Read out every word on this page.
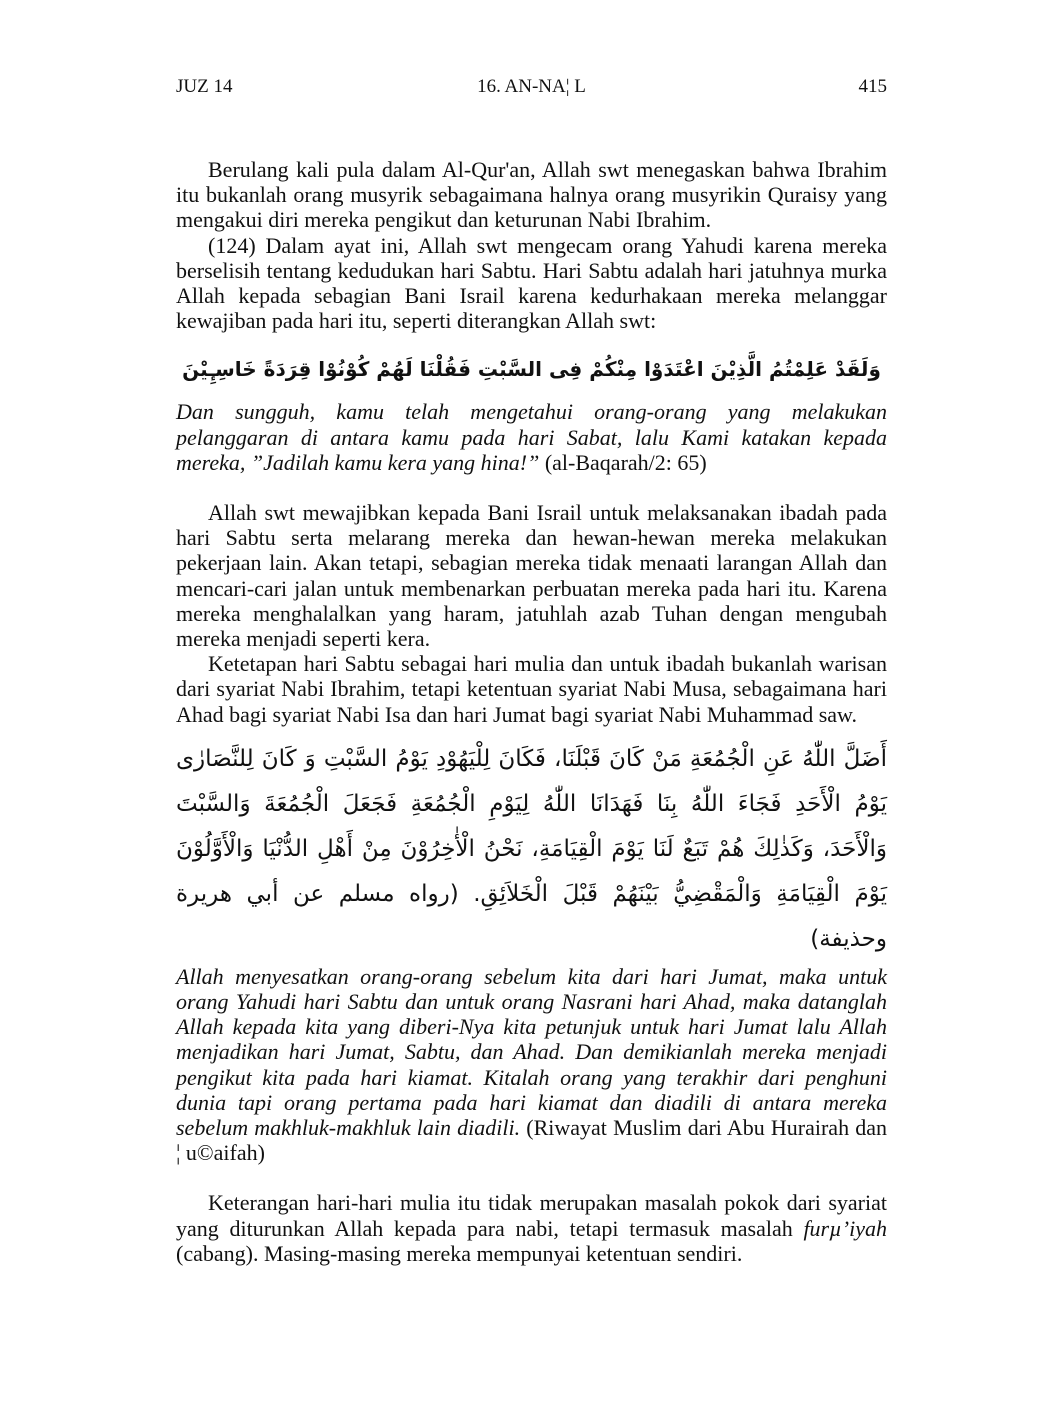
JUZ 14	16. AN-NA¦ L	415

Berulang kali pula dalam Al-Qur'an, Allah swt menegaskan bahwa Ibrahim itu bukanlah orang musyrik sebagaimana halnya orang musyrikin Quraisy yang mengakui diri mereka pengikut dan keturunan Nabi Ibrahim.

(124) Dalam ayat ini, Allah swt mengecam orang Yahudi karena mereka berselisih tentang kedudukan hari Sabtu. Hari Sabtu adalah hari jatuhnya murka Allah kepada sebagian Bani Israil karena kedurhakaan mereka melanggar kewajiban pada hari itu, seperti diterangkan Allah swt:

وَلَقَدْ عَلِمْتُمُ الَّذِيْنَ اعْتَدَوْا مِنْكُمْ فِى السَّبْتِ فَقُلْنَا لَهُمْ كُوْنُوْا قِرَدَةً خَاسِـِٕيْنَ

Dan sungguh, kamu telah mengetahui orang-orang yang melakukan pelanggaran di antara kamu pada hari Sabat, lalu Kami katakan kepada mereka, ”Jadilah kamu kera yang hina!” (al-Baqarah/2: 65)

Allah swt mewajibkan kepada Bani Israil untuk melaksanakan ibadah pada hari Sabtu serta melarang mereka dan hewan-hewan mereka melakukan pekerjaan lain. Akan tetapi, sebagian mereka tidak menaati larangan Allah dan mencari-cari jalan untuk membenarkan perbuatan mereka pada hari itu. Karena mereka menghalalkan yang haram, jatuhlah azab Tuhan dengan mengubah mereka menjadi seperti kera.

Ketetapan hari Sabtu sebagai hari mulia dan untuk ibadah bukanlah warisan dari syariat Nabi Ibrahim, tetapi ketentuan syariat Nabi Musa, sebagaimana hari Ahad bagi syariat Nabi Isa dan hari Jumat bagi syariat Nabi Muhammad saw.

أَضَلَّ اللّٰهُ عَنِ الْجُمُعَةِ مَنْ كَانَ قَبْلَنَا، فَكَانَ لِلْيَهُوْدِ يَوْمُ السَّبْتِ وَ كَانَ لِلنَّصَارٰى يَوْمُ الْأَحَدِ فَجَاءَ اللّٰهُ بِنَا فَهَدَانَا اللّٰهُ لِيَوْمِ الْجُمُعَةِ فَجَعَلَ الْجُمُعَةَ وَالسَّبْتَ وَالْأَحَدَ، وَكَذٰلِكَ هُمْ تَبَعٌ لَنَا يَوْمَ الْقِيَامَةِ، نَحْنُ الْأٰخِرُوْنَ مِنْ أَهْلِ الدُّنْيَا وَالْأَوَّلُوْنَ يَوْمَ الْقِيَامَةِ وَالْمَقْضِيُّ بَيْنَهُمْ قَبْلَ الْخَلاَئِقِ. (رواه مسلم عن أبي هريرة وحذيفة)

Allah menyesatkan orang-orang sebelum kita dari hari Jumat, maka untuk orang Yahudi hari Sabtu dan untuk orang Nasrani hari Ahad, maka datanglah Allah kepada kita yang diberi-Nya kita petunjuk untuk hari Jumat lalu Allah menjadikan hari Jumat, Sabtu, dan Ahad. Dan demikianlah mereka menjadi pengikut kita pada hari kiamat. Kitalah orang yang terakhir dari penghuni dunia tapi orang pertama pada hari kiamat dan diadili di antara mereka sebelum makhluk-makhluk lain diadili. (Riwayat Muslim dari Abu Hurairah dan ¦ u©aifah)

Keterangan hari-hari mulia itu tidak merupakan masalah pokok dari syariat yang diturunkan Allah kepada para nabi, tetapi termasuk masalah furµ’iyah (cabang). Masing-masing mereka mempunyai ketentuan sendiri.
